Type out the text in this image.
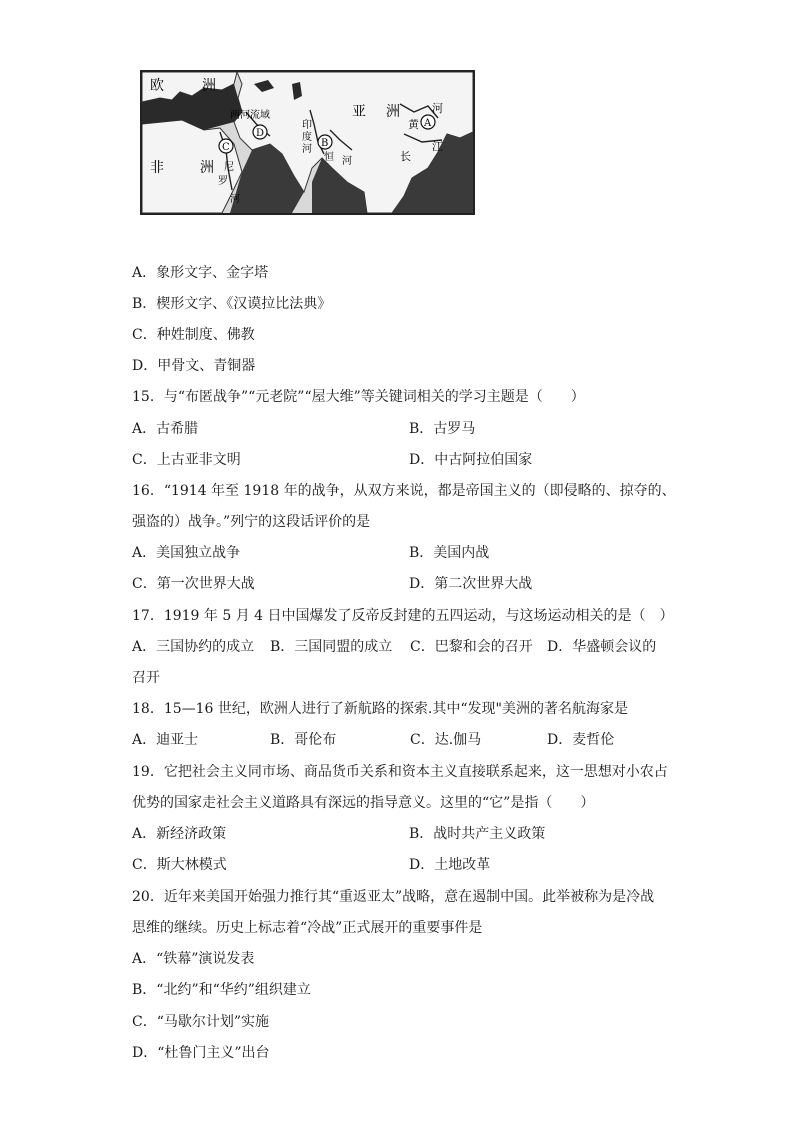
欧	洲
亚 洲
非	洲
河
黄
长
江
两河流域
印
度
河
恒 河
尼
罗
河
A
B
C
D
A．象形文字、金字塔
B．楔形文字、《汉谟拉比法典》
C．种姓制度、佛教
D．甲骨文、青铜器
15．与“布匿战争”“元老院”“屋大维”等关键词相关的学习主题是（　　）
A．古希腊	B．古罗马
C．上古亚非文明	D．中古阿拉伯国家
16．“1914 年至 1918 年的战争，从双方来说，都是帝国主义的（即侵略的、掠夺的、
强盗的）战争。”列宁的这段话评价的是
A．美国独立战争	B．美国内战
C．第一次世界大战	D．第二次世界大战
17．1919 年 5 月 4 日中国爆发了反帝反封建的五四运动，与这场运动相关的是（　）
A．三国协约的成立 B．三国同盟的成立 C．巴黎和会的召开 D．华盛顿会议的
召开
18．15—16 世纪，欧洲人进行了新航路的探索.其中“发现"美洲的著名航海家是
A．迪亚士	B．哥伦布	C．达.伽马	D．麦哲伦
19．它把社会主义同市场、商品货币关系和资本主义直接联系起来，这一思想对小农占
优势的国家走社会主义道路具有深远的指导意义。这里的“它”是指（　　）
A．新经济政策	B．战时共产主义政策
C．斯大林模式	D．土地改革
20．近年来美国开始强力推行其“重返亚太”战略，意在遏制中国。此举被称为是冷战
思维的继续。历史上标志着“冷战”正式展开的重要事件是
A．“铁幕”演说发表
B．“北约”和“华约”组织建立
C．“马歇尔计划”实施
D．“杜鲁门主义”出台
